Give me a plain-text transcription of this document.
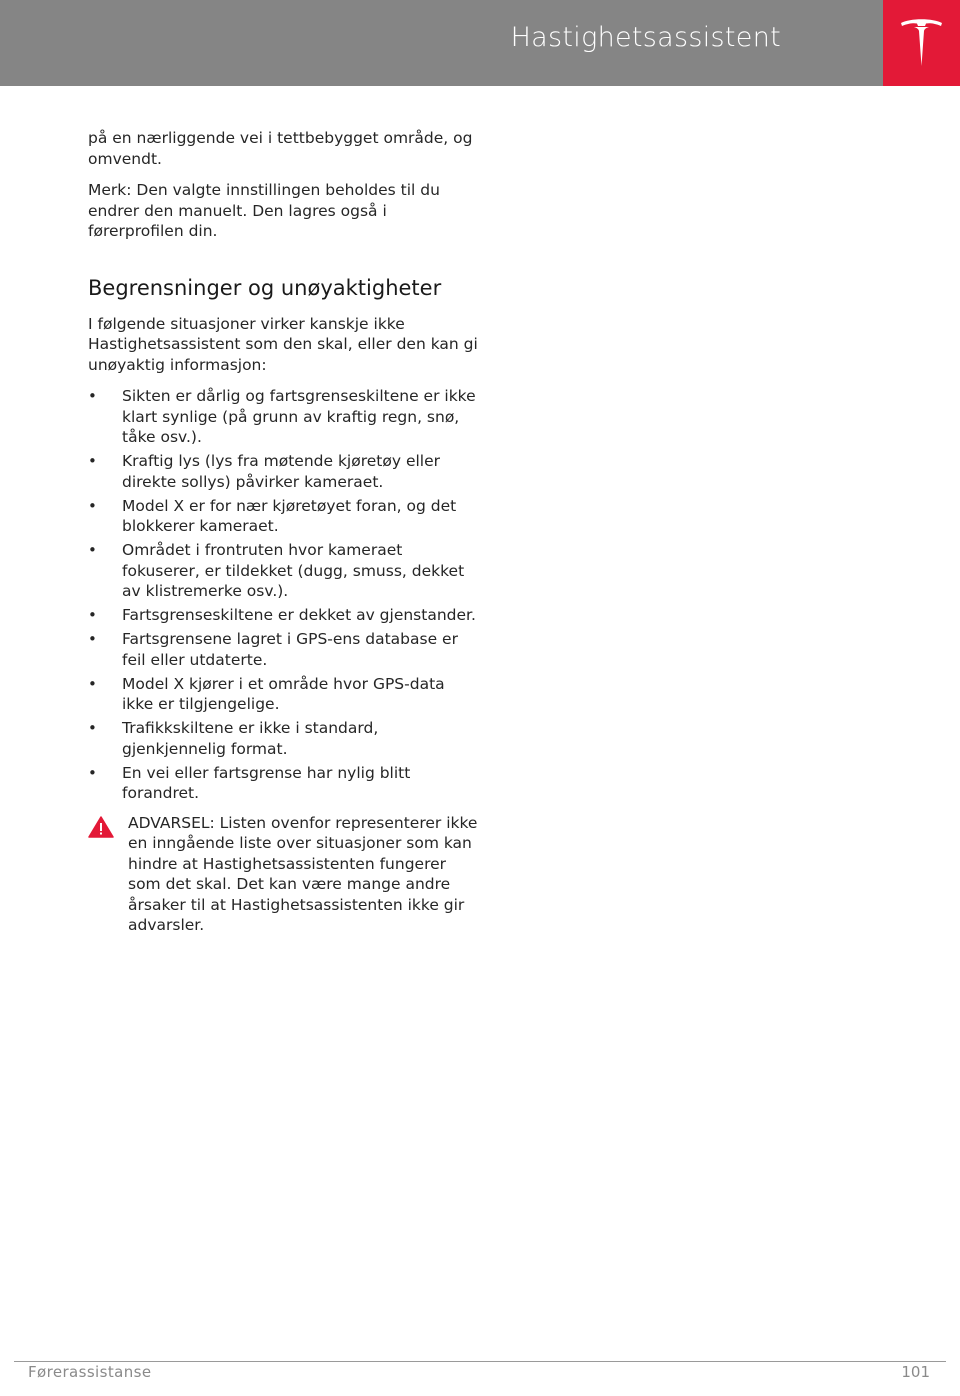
Hastighetsassistent

på en nærliggende vei i tettbebygget område, og omvendt.

Merk: Den valgte innstillingen beholdes til du endrer den manuelt. Den lagres også i førerprofilen din.

Begrensninger og unøyaktigheter

I følgende situasjoner virker kanskje ikke Hastighetsassistent som den skal, eller den kan gi unøyaktig informasjon:

• Sikten er dårlig og fartsgrenseskiltene er ikke klart synlige (på grunn av kraftig regn, snø, tåke osv.).
• Kraftig lys (lys fra møtende kjøretøy eller direkte sollys) påvirker kameraet.
• Model X er for nær kjøretøyet foran, og det blokkerer kameraet.
• Området i frontruten hvor kameraet fokuserer, er tildekket (dugg, smuss, dekket av klistremerke osv.).
• Fartsgrenseskiltene er dekket av gjenstander.
• Fartsgrensene lagret i GPS-ens database er feil eller utdaterte.
• Model X kjører i et område hvor GPS-data ikke er tilgjengelige.
• Trafikkskiltene er ikke i standard, gjenkjennelig format.
• En vei eller fartsgrense har nylig blitt forandret.
ADVARSEL: Listen ovenfor representerer ikke en inngående liste over situasjoner som kan hindre at Hastighetsassistenten fungerer som det skal. Det kan være mange andre årsaker til at Hastighetsassistenten ikke gir advarsler.
Førerassistanse	101
